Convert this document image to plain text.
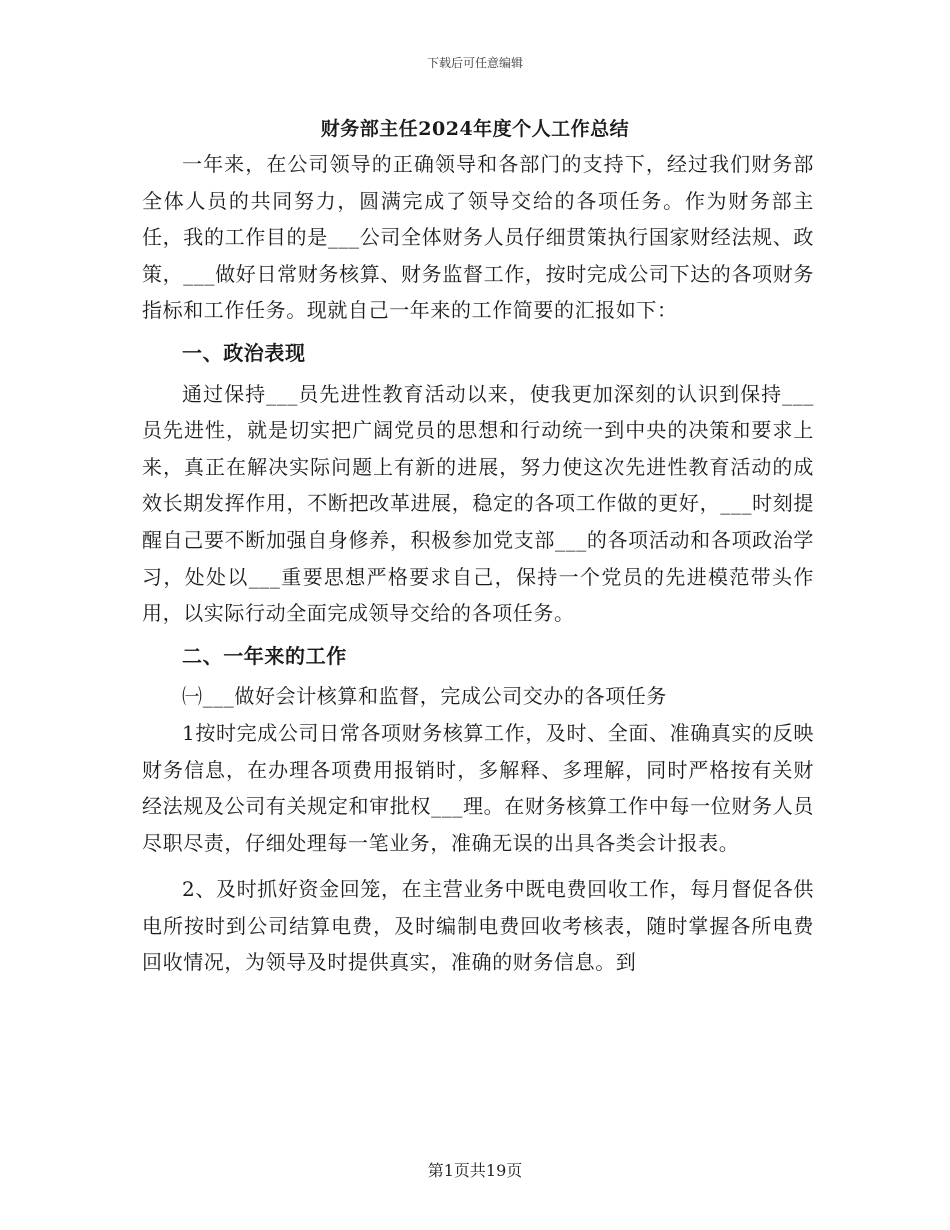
下载后可任意编辑
财务部主任2024年度个人工作总结

一年来，在公司领导的正确领导和各部门的支持下，经过我们财务部全体人员的共同努力，圆满完成了领导交给的各项任务。作为财务部主任，我的工作目的是___公司全体财务人员仔细贯策执行国家财经法规、政策，___做好日常财务核算、财务监督工作，按时完成公司下达的各项财务指标和工作任务。现就自己一年来的工作简要的汇报如下：

一、政治表现

通过保持___员先进性教育活动以来，使我更加深刻的认识到保持___员先进性，就是切实把广阔党员的思想和行动统一到中央的决策和要求上来，真正在解决实际问题上有新的进展，努力使这次先进性教育活动的成效长期发挥作用，不断把改革进展，稳定的各项工作做的更好，___时刻提醒自己要不断加强自身修养，积极参加党支部___的各项活动和各项政治学习，处处以___重要思想严格要求自己，保持一个党员的先进模范带头作用，以实际行动全面完成领导交给的各项任务。

二、一年来的工作

㈠___做好会计核算和监督，完成公司交办的各项任务

1按时完成公司日常各项财务核算工作，及时、全面、准确真实的反映财务信息，在办理各项费用报销时，多解释、多理解，同时严格按有关财经法规及公司有关规定和审批权___理。在财务核算工作中每一位财务人员尽职尽责，仔细处理每一笔业务，准确无误的出具各类会计报表。

2、及时抓好资金回笼，在主营业务中既电费回收工作，每月督促各供电所按时到公司结算电费，及时编制电费回收考核表，随时掌握各所电费回收情况，为领导及时提供真实，准确的财务信息。到

第1页共19页
